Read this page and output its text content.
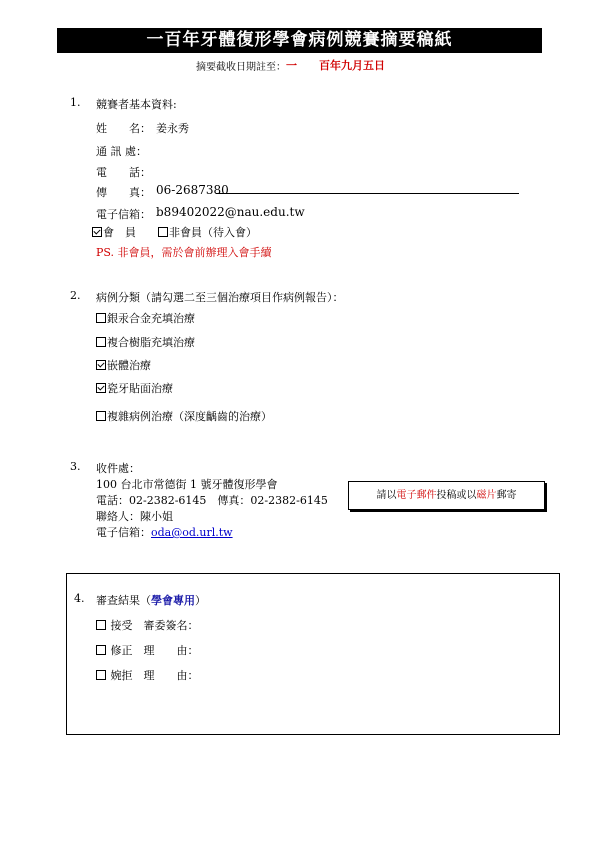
一百年牙體復形學會病例競賽摘要稿紙
摘要截收日期註至： 一　　百年九月五日
1. 競賽者基本資料:
姓　　名： 姜永秀
通 訊 處：
電　　話：
傳　　真： 06-2687380
電子信箱： b89402022@nau.edu.tw
會　員	非會員（待入會）
PS. 非會員，需於會前辦理入會手續
2. 病例分類（請勾選二至三個治療項目作病例報告）：
銀汞合金充填治療
複合樹脂充填治療
嵌體治療
瓷牙貼面治療
複雜病例治療（深度齲齒的治療）
3. 收件處：
100 台北市常德街 1 號牙體復形學會
電話：02-2382-6145　傳真：02-2382-6145
聯絡人：陳小姐
電子信箱：oda@od.url.tw
請以電子郵件投稿或以磁片郵寄
4. 審查結果（學會專用）
接受　審委簽名：
修正　理　　由：
婉拒　理　　由：
